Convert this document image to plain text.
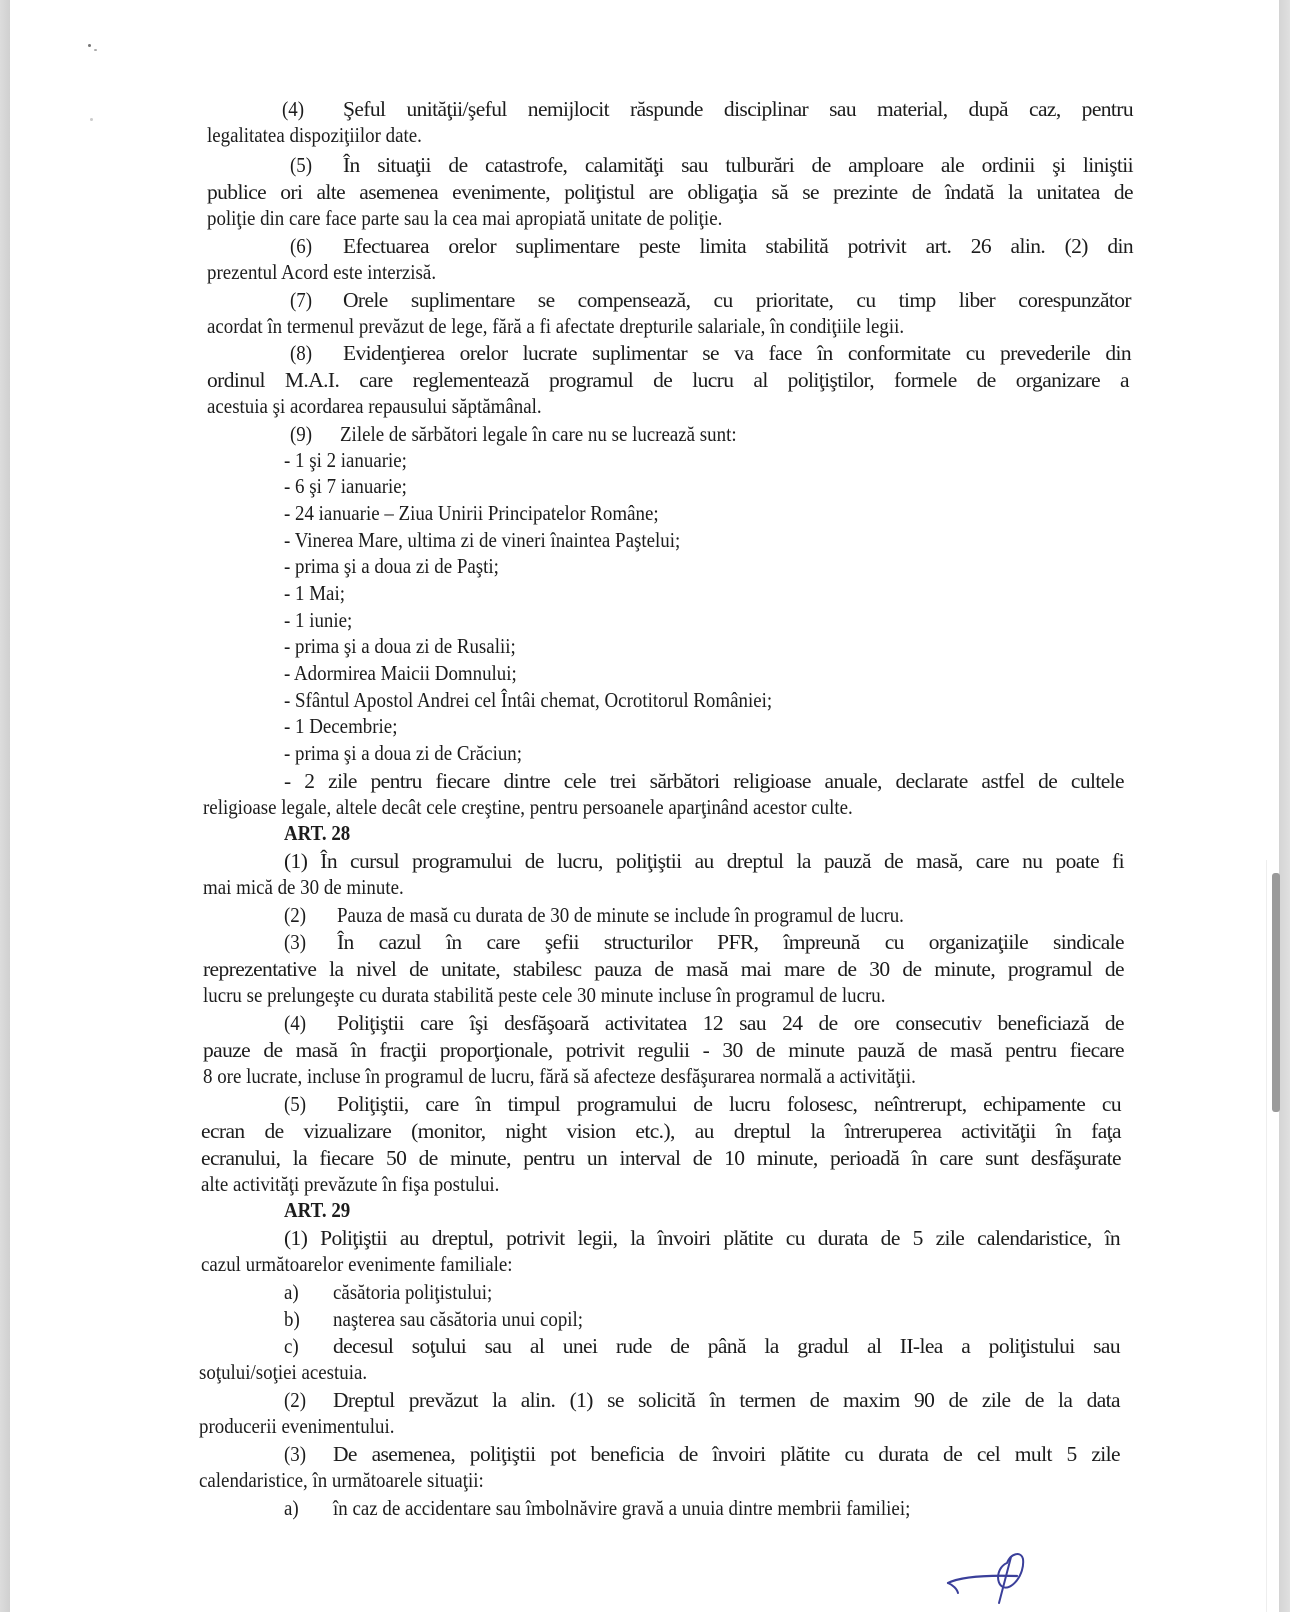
(4) Şeful unităţii/şeful nemijlocit răspunde disciplinar sau material, după caz, pentru
legalitatea dispoziţiilor date.
(5) În situaţii de catastrofe, calamităţi sau tulburări de amploare ale ordinii şi liniştii
publice ori alte asemenea evenimente, poliţistul are obligaţia să se prezinte de îndată la unitatea de
poliţie din care face parte sau la cea mai apropiată unitate de poliţie.
(6) Efectuarea orelor suplimentare peste limita stabilită potrivit art. 26 alin. (2) din
prezentul Acord este interzisă.
(7) Orele suplimentare se compensează, cu prioritate, cu timp liber corespunzător
acordat în termenul prevăzut de lege, fără a fi afectate drepturile salariale, în condiţiile legii.
(8) Evidenţierea orelor lucrate suplimentar se va face în conformitate cu prevederile din
ordinul M.A.I. care reglementează programul de lucru al poliţiştilor, formele de organizare a
acestuia şi acordarea repausului săptămânal.
(9) Zilele de sărbători legale în care nu se lucrează sunt:
- 1 şi 2 ianuarie;
- 6 şi 7 ianuarie;
- 24 ianuarie – Ziua Unirii Principatelor Române;
- Vinerea Mare, ultima zi de vineri înaintea Paştelui;
- prima şi a doua zi de Paşti;
- 1 Mai;
- 1 iunie;
- prima şi a doua zi de Rusalii;
- Adormirea Maicii Domnului;
- Sfântul Apostol Andrei cel Întâi chemat, Ocrotitorul României;
- 1 Decembrie;
- prima şi a doua zi de Crăciun;
- 2 zile pentru fiecare dintre cele trei sărbători religioase anuale, declarate astfel de cultele
religioase legale, altele decât cele creştine, pentru persoanele aparţinând acestor culte.
ART. 28
(1) În cursul programului de lucru, poliţiştii au dreptul la pauză de masă, care nu poate fi
mai mică de 30 de minute.
(2) Pauza de masă cu durata de 30 de minute se include în programul de lucru.
(3) În cazul în care şefii structurilor PFR, împreună cu organizaţiile sindicale
reprezentative la nivel de unitate, stabilesc pauza de masă mai mare de 30 de minute, programul de
lucru se prelungeşte cu durata stabilită peste cele 30 minute incluse în programul de lucru.
(4) Poliţiştii care îşi desfăşoară activitatea 12 sau 24 de ore consecutiv beneficiază de
pauze de masă în fracţii proporţionale, potrivit regulii - 30 de minute pauză de masă pentru fiecare
8 ore lucrate, incluse în programul de lucru, fără să afecteze desfăşurarea normală a activităţii.
(5) Poliţiştii, care în timpul programului de lucru folosesc, neîntrerupt, echipamente cu
ecran de vizualizare (monitor, night vision etc.), au dreptul la întreruperea activităţii în faţa
ecranului, la fiecare 50 de minute, pentru un interval de 10 minute, perioadă în care sunt desfăşurate
alte activităţi prevăzute în fişa postului.
ART. 29
(1) Poliţiştii au dreptul, potrivit legii, la învoiri plătite cu durata de 5 zile calendaristice, în
cazul următoarelor evenimente familiale:
a) căsătoria poliţistului;
b) naşterea sau căsătoria unui copil;
c) decesul soţului sau al unei rude de până la gradul al II-lea a poliţistului sau
soţului/soţiei acestuia.
(2) Dreptul prevăzut la alin. (1) se solicită în termen de maxim 90 de zile de la data
producerii evenimentului.
(3) De asemenea, poliţiştii pot beneficia de învoiri plătite cu durata de cel mult 5 zile
calendaristice, în următoarele situaţii:
a) în caz de accidentare sau îmbolnăvire gravă a unuia dintre membrii familiei;
